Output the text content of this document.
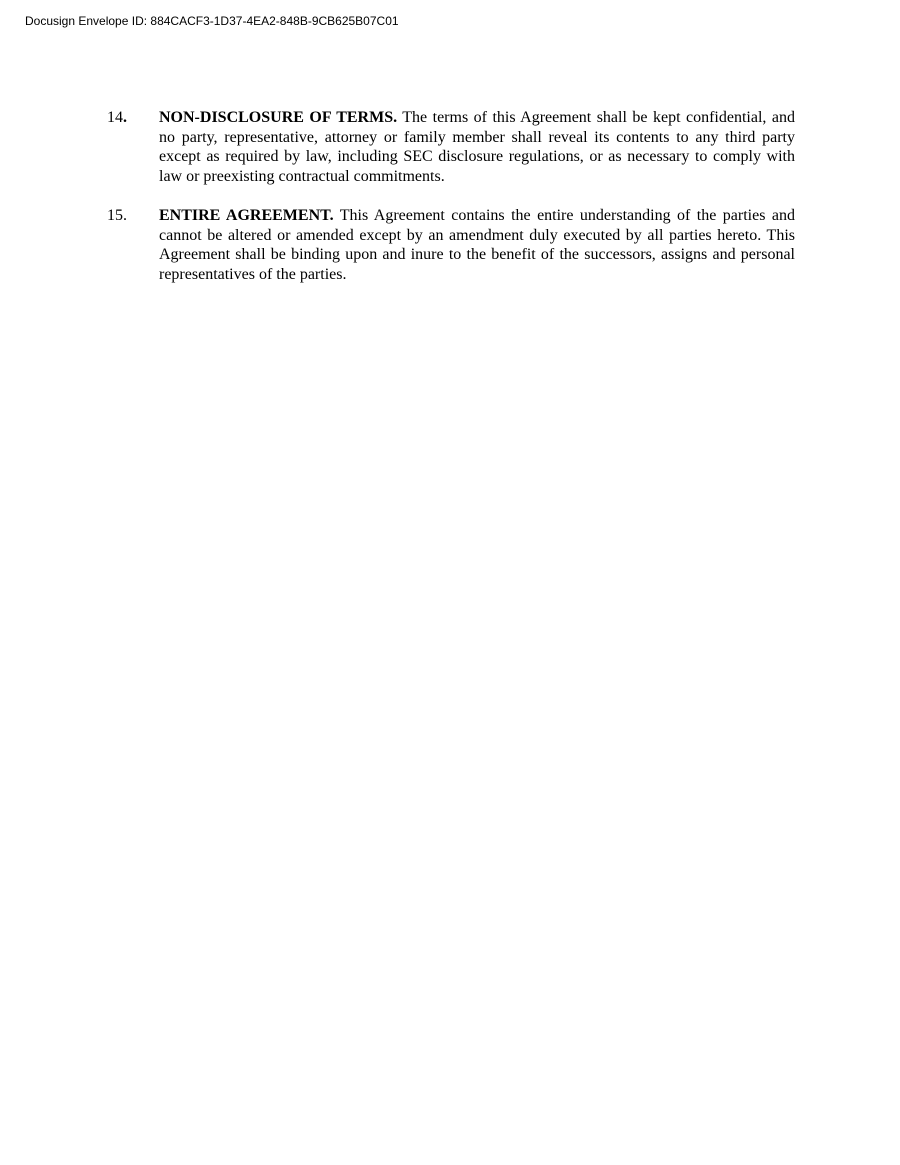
Docusign Envelope ID: 884CACF3-1D37-4EA2-848B-9CB625B07C01
14. NON-DISCLOSURE OF TERMS. The terms of this Agreement shall be kept confidential, and no party, representative, attorney or family member shall reveal its contents to any third party except as required by law, including SEC disclosure regulations, or as necessary to comply with law or preexisting contractual commitments.
15. ENTIRE AGREEMENT. This Agreement contains the entire understanding of the parties and cannot be altered or amended except by an amendment duly executed by all parties hereto. This Agreement shall be binding upon and inure to the benefit of the successors, assigns and personal representatives of the parties.
